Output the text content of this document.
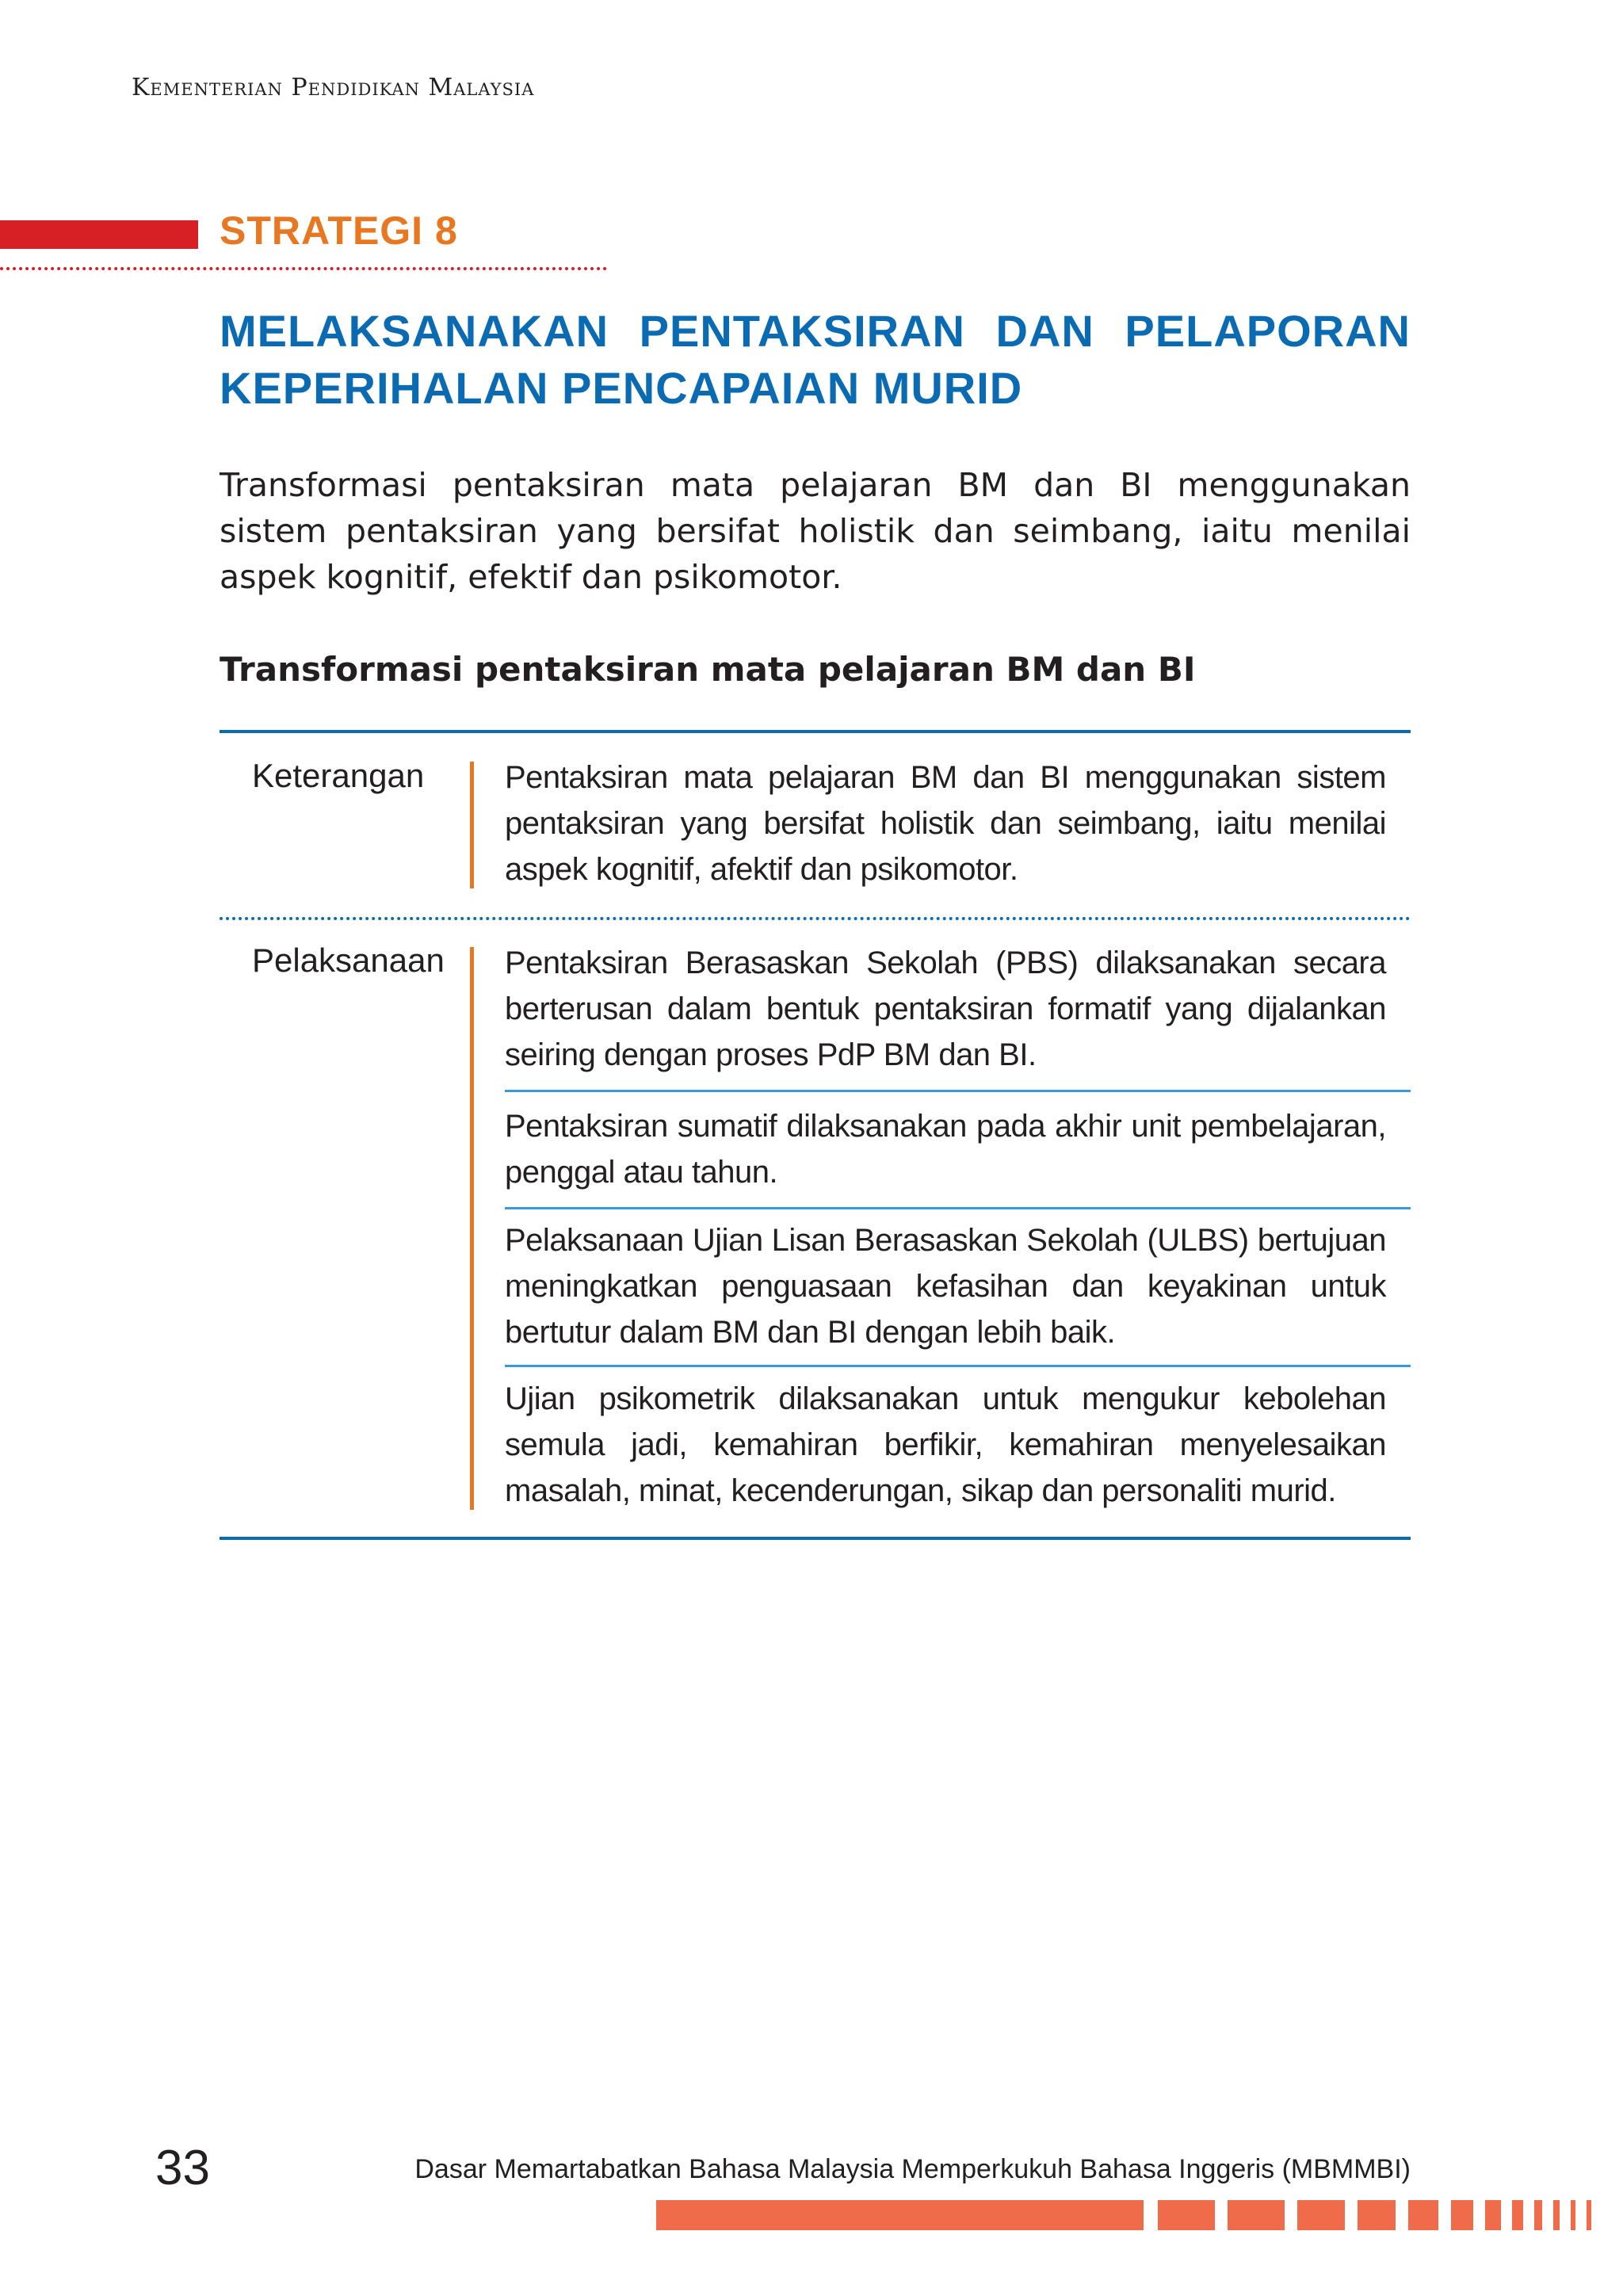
Kementerian Pendidikan Malaysia
STRATEGI 8
MELAKSANAKAN PENTAKSIRAN DAN PELAPORAN KEPERIHALAN PENCAPAIAN MURID
Transformasi pentaksiran mata pelajaran BM dan BI menggunakan sistem pentaksiran yang bersifat holistik dan seimbang, iaitu menilai aspek kognitif, efektif dan psikomotor.
Transformasi pentaksiran mata pelajaran BM dan BI
Keterangan	Pentaksiran mata pelajaran BM dan BI menggunakan sistem pentaksiran yang bersifat holistik dan seimbang, iaitu menilai aspek kognitif, afektif dan psikomotor.
Pelaksanaan Pentaksiran Berasaskan Sekolah (PBS) dilaksanakan secara berterusan dalam bentuk pentaksiran formatif yang dijalankan seiring dengan proses PdP BM dan BI.
Pentaksiran sumatif dilaksanakan pada akhir unit pembelajaran, penggal atau tahun.
Pelaksanaan Ujian Lisan Berasaskan Sekolah (ULBS) bertujuan meningkatkan penguasaan kefasihan dan keyakinan untuk bertutur dalam BM dan BI dengan lebih baik.
Ujian psikometrik dilaksanakan untuk mengukur kebolehan semula jadi, kemahiran berfikir, kemahiran menyelesaikan masalah, minat, kecenderungan, sikap dan personaliti murid.
33	Dasar Memartabatkan Bahasa Malaysia Memperkukuh Bahasa Inggeris (MBMMBI)
